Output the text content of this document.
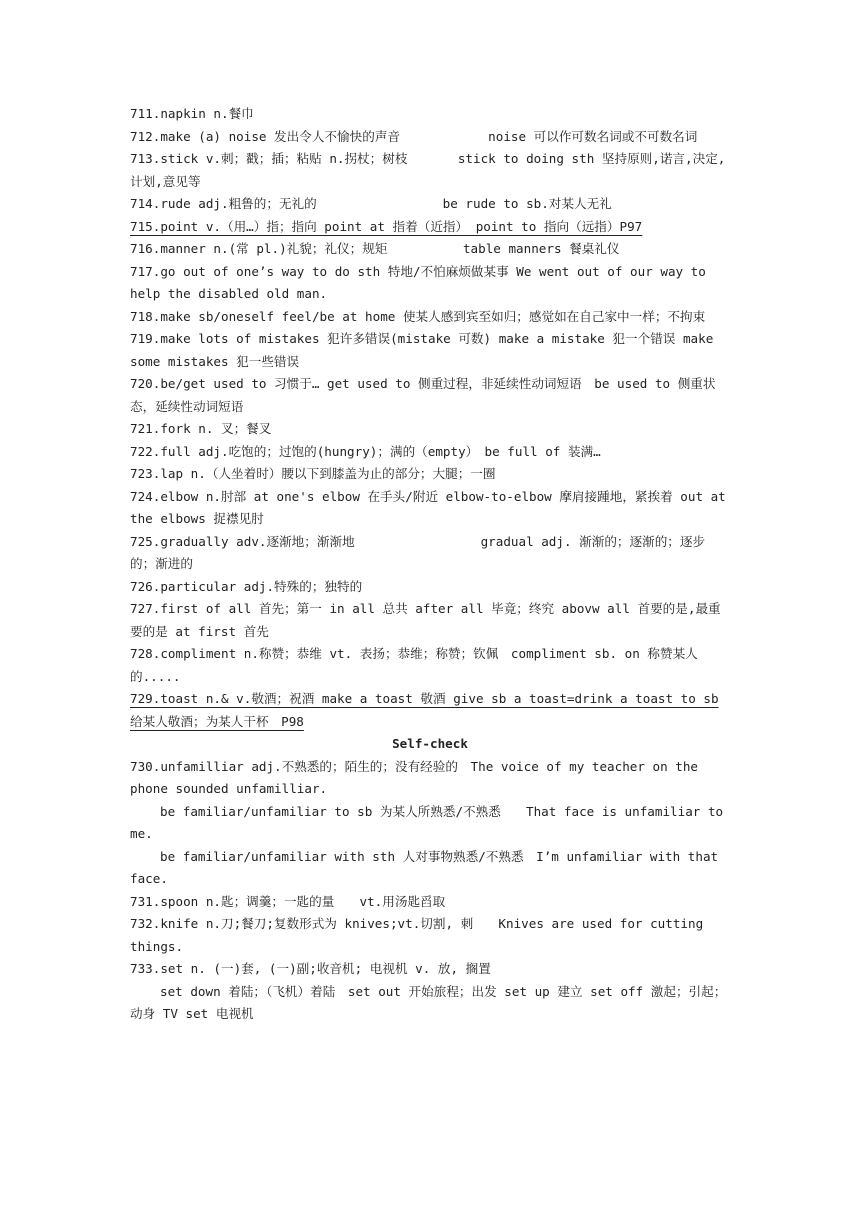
711.napkin n.餐巾

712.make (a) noise 发出令人不愉快的声音　　　　　　　noise 可以作可数名词或不可数名词

713.stick v.刺；戳；插；粘贴 n.拐杖；树枝　　　　stick to doing sth 坚持原则,诺言,决定,计划,意见等

714.rude adj.粗鲁的；无礼的　　　　　　　　　　be rude to sb.对某人无礼

715.point v.（用…）指；指向 point at 指着（近指） point to 指向（远指）P97

716.manner n.(常 pl.)礼貌；礼仪；规矩　　　　　　table manners 餐桌礼仪

717.go out of one’s way to do sth 特地/不怕麻烦做某事 We went out of our way to help the disabled old man.

718.make sb/oneself feel/be at home 使某人感到宾至如归；感觉如在自己家中一样；不拘束

719.make lots of mistakes 犯许多错误(mistake 可数) make a mistake 犯一个错误 make some mistakes 犯一些错误

720.be/get used to 习惯于… get used to 侧重过程，非延续性动词短语　be used to 侧重状态，延续性动词短语

721.fork n. 叉；餐叉

722.full adj.吃饱的；过饱的(hungry)；满的（empty）　be full of 装满…

723.lap n.（人坐着时）腰以下到膝盖为止的部分；大腿；一圈

724.elbow n.肘部 at one's elbow 在手头/附近 elbow-to-elbow 摩肩接踵地，紧挨着 out at the elbows 捉襟见肘

725.gradually adv.逐渐地；渐渐地　　　　　　　　　　gradual adj. 渐渐的；逐渐的；逐步的；渐进的

726.particular adj.特殊的；独特的

727.first of all 首先；第一 in all 总共 after all 毕竟；终究 abovw all 首要的是,最重要的是 at first 首先

728.compliment n.称赞；恭维 vt. 表扬；恭维；称赞；钦佩　compliment sb. on 称赞某人的.....

729.toast n.& v.敬酒；祝酒 make a toast 敬酒 give sb a toast=drink a toast to sb 给某人敬酒；为某人干杯　P98

Self-check

730.unfamilliar adj.不熟悉的；陌生的；没有经验的　The voice of my teacher on the phone sounded unfamilliar.

be familiar/unfamiliar to sb 为某人所熟悉/不熟悉　　That face is unfamiliar to me.

be familiar/unfamiliar with sth 人对事物熟悉/不熟悉　I’m unfamiliar with that face.

731.spoon n.匙；调羹；一匙的量　　vt.用汤匙舀取

732.knife n.刀;餐刀;复数形式为 knives;vt.切割, 刺　　Knives are used for cutting things.

733.set n. (一)套, (一)副;收音机; 电视机 v. 放, 搁置

set down 着陆；（飞机）着陆　set out 开始旅程；出发 set up 建立 set off 激起；引起；动身 TV set 电视机
